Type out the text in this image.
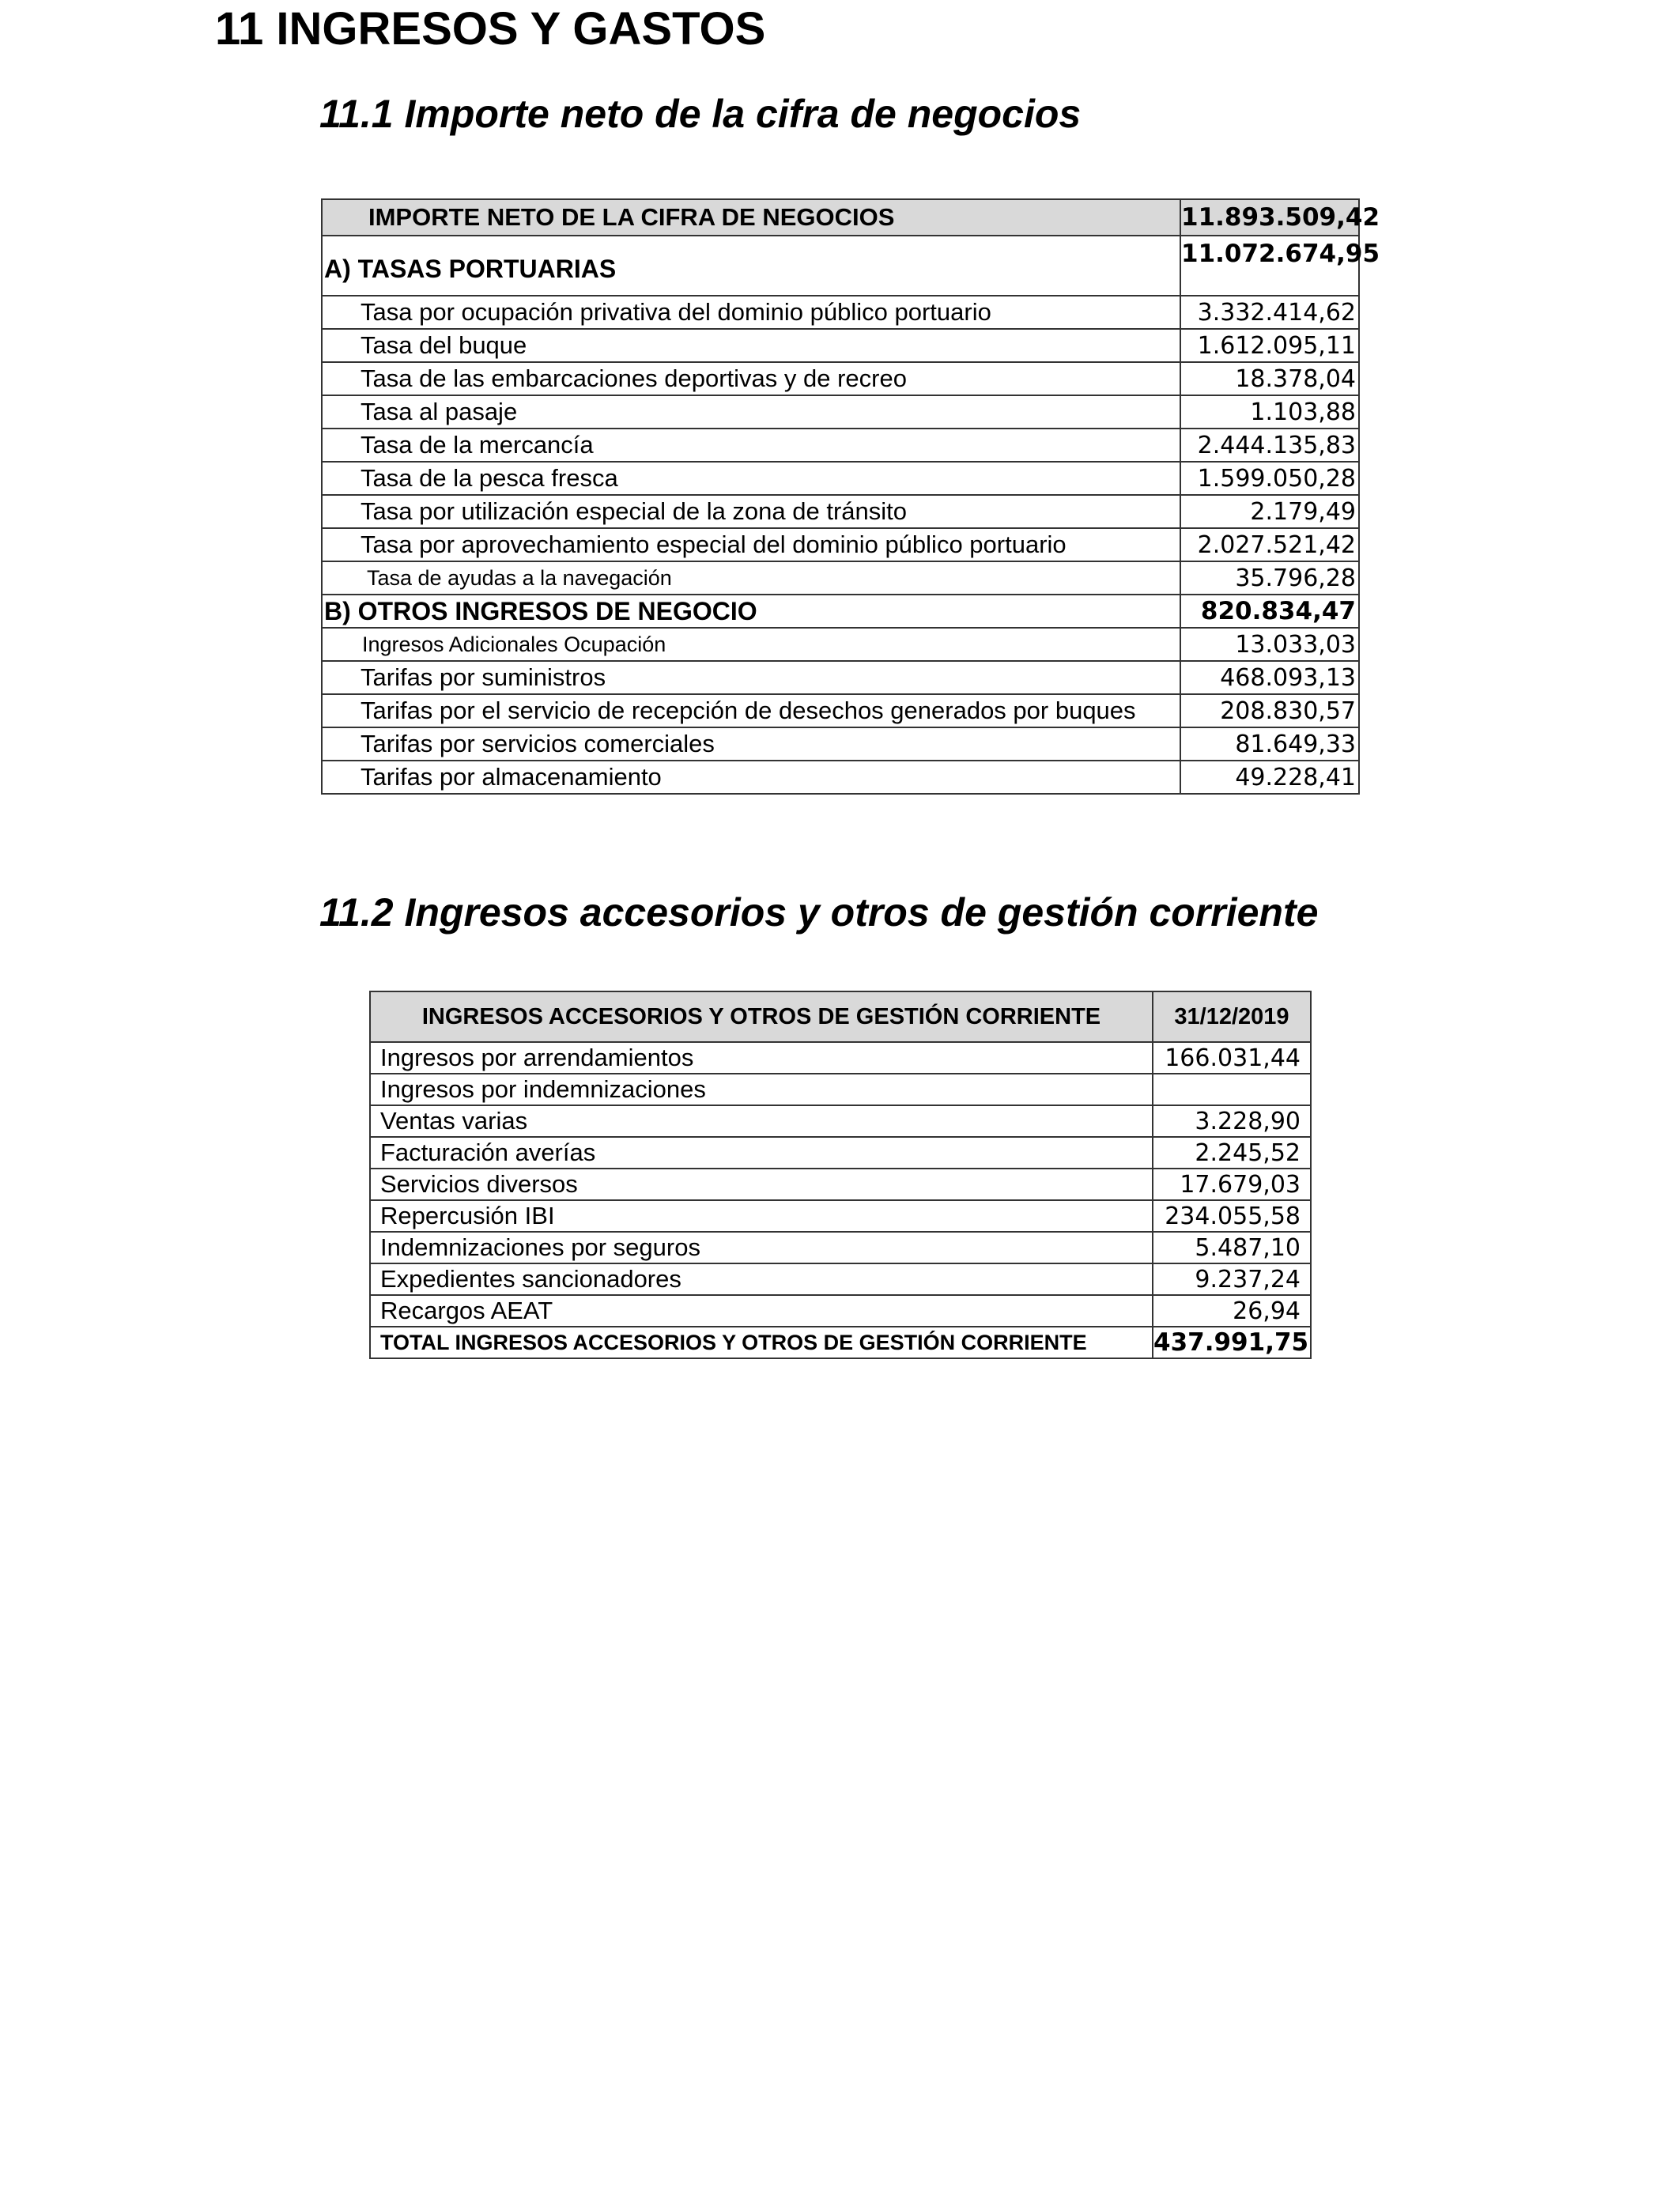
11 INGRESOS Y GASTOS
11.1 Importe neto de la cifra de negocios
IMPORTE NETO DE LA CIFRA DE NEGOCIOS	11.893.509,42
A) TASAS PORTUARIAS	11.072.674,95
Tasa por ocupación privativa del dominio público portuario	3.332.414,62
Tasa del buque	1.612.095,11
Tasa de las embarcaciones deportivas y de recreo	18.378,04
Tasa al pasaje	1.103,88
Tasa de la mercancía	2.444.135,83
Tasa de la pesca fresca	1.599.050,28
Tasa por utilización especial de la zona de tránsito	2.179,49
Tasa por aprovechamiento especial del dominio público portuario	2.027.521,42
Tasa de ayudas a la navegación	35.796,28
B) OTROS INGRESOS DE NEGOCIO	820.834,47
Ingresos Adicionales Ocupación	13.033,03
Tarifas por suministros	468.093,13
Tarifas por el servicio de recepción de desechos generados por buques	208.830,57
Tarifas por servicios comerciales	81.649,33
Tarifas por almacenamiento	49.228,41
11.2 Ingresos accesorios y otros de gestión corriente
INGRESOS ACCESORIOS Y OTROS DE GESTIÓN CORRIENTE	31/12/2019
Ingresos por arrendamientos	166.031,44
Ingresos por indemnizaciones	
Ventas varias	3.228,90
Facturación averías	2.245,52
Servicios diversos	17.679,03
Repercusión IBI	234.055,58
Indemnizaciones por seguros	5.487,10
Expedientes sancionadores	9.237,24
Recargos AEAT	26,94
TOTAL INGRESOS ACCESORIOS Y OTROS DE GESTIÓN CORRIENTE	437.991,75
